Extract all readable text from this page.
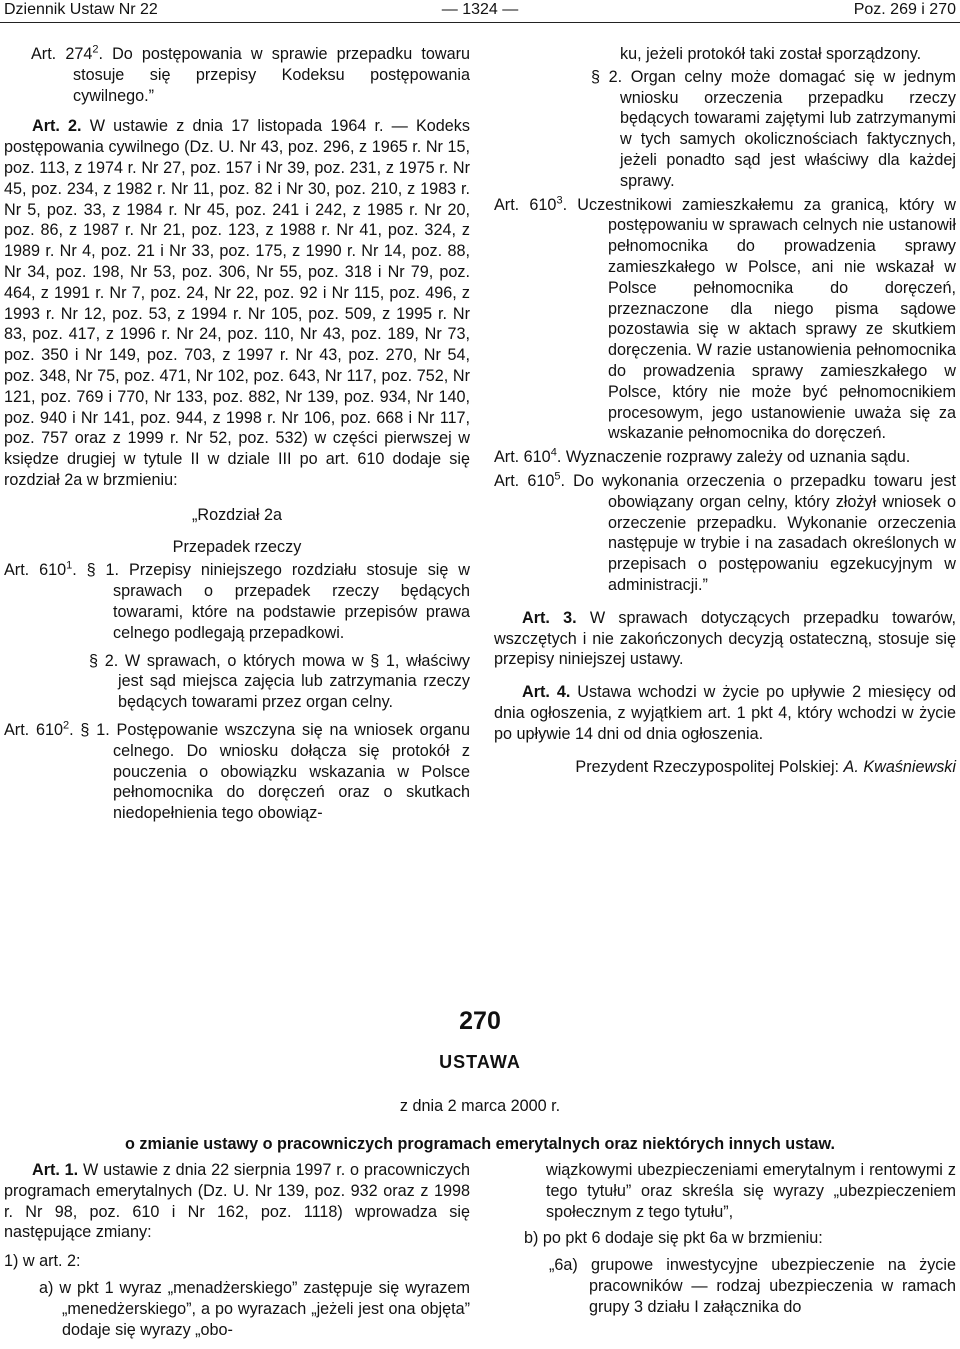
Dziennik Ustaw Nr 22	— 1324 —	Poz. 269 i 270

Art. $274^2$. Do postępowania w sprawie przepadku towaru stosuje się przepisy Kodeksu postępowania cywilnego.”

Art. 2. W ustawie z dnia 17 listopada 1964 r. — Kodeks postępowania cywilnego (Dz. U. Nr 43, poz. 296, z 1965 r. Nr 15, poz. 113, z 1974 r. Nr 27, poz. 157 i Nr 39, poz. 231, z 1975 r. Nr 45, poz. 234, z 1982 r. Nr 11, poz. 82 i Nr 30, poz. 210, z 1983 r. Nr 5, poz. 33, z 1984 r. Nr 45, poz. 241 i 242, z 1985 r. Nr 20, poz. 86, z 1987 r. Nr 21, poz. 123, z 1988 r. Nr 41, poz. 324, z 1989 r. Nr 4, poz. 21 i Nr 33, poz. 175, z 1990 r. Nr 14, poz. 88, Nr 34, poz. 198, Nr 53, poz. 306, Nr 55, poz. 318 i Nr 79, poz. 464, z 1991 r. Nr 7, poz. 24, Nr 22, poz. 92 i Nr 115, poz. 496, z 1993 r. Nr 12, poz. 53, z 1994 r. Nr 105, poz. 509, z 1995 r. Nr 83, poz. 417, z 1996 r. Nr 24, poz. 110, Nr 43, poz. 189, Nr 73, poz. 350 i Nr 149, poz. 703, z 1997 r. Nr 43, poz. 270, Nr 54, poz. 348, Nr 75, poz. 471, Nr 102, poz. 643, Nr 117, poz. 752, Nr 121, poz. 769 i 770, Nr 133, poz. 882, Nr 139, poz. 934, Nr 140, poz. 940 i Nr 141, poz. 944, z 1998 r. Nr 106, poz. 668 i Nr 117, poz. 757 oraz z 1999 r. Nr 52, poz. 532) w części pierwszej w księdze drugiej w tytule II w dziale III po art. 610 dodaje się rozdział 2a w brzmieniu:

„Rozdział 2a

Przepadek rzeczy

Art. $610^1$. § 1. Przepisy niniejszego rozdziału stosuje się w sprawach o przepadek rzeczy będących towarami, które na podstawie przepisów prawa celnego podlegają przepadkowi.

§ 2. W sprawach, o których mowa w § 1, właściwy jest sąd miejsca zajęcia lub zatrzymania rzeczy będących towarami przez organ celny.

Art. $610^2$. § 1. Postępowanie wszczyna się na wniosek organu celnego. Do wniosku dołącza się protokół z pouczenia o obowiązku wskazania w Polsce pełnomocnika do doręczeń oraz o skutkach niedopełnienia tego obowiąz-

ku, jeżeli protokół taki został sporządzony.

§ 2. Organ celny może domagać się w jednym wniosku orzeczenia przepadku rzeczy będących towarami zajętymi lub zatrzymanymi w tych samych okolicznościach faktycznych, jeżeli ponadto sąd jest właściwy dla każdej sprawy.

Art. $610^3$. Uczestnikowi zamieszkałemu za granicą, który w postępowaniu w sprawach celnych nie ustanowił pełnomocnika do prowadzenia sprawy zamieszkałego w Polsce, ani nie wskazał w Polsce pełnomocnika do doręczeń, przeznaczone dla niego pisma sądowe pozostawia się w aktach sprawy ze skutkiem doręczenia. W razie ustanowienia pełnomocnika do prowadzenia sprawy zamieszkałego w Polsce, który nie może być pełnomocnikiem procesowym, jego ustanowienie uważa się za wskazanie pełnomocnika do doręczeń.

Art. $610^4$. Wyznaczenie rozprawy zależy od uznania sądu.

Art. $610^5$. Do wykonania orzeczenia o przepadku towaru jest obowiązany organ celny, który złożył wniosek o orzeczenie przepadku. Wykonanie orzeczenia następuje w trybie i na zasadach określonych w przepisach o postępowaniu egzekucyjnym w administracji.”

Art. 3. W sprawach dotyczących przepadku towarów, wszczętych i nie zakończonych decyzją ostateczną, stosuje się przepisy niniejszej ustawy.

Art. 4. Ustawa wchodzi w życie po upływie 2 miesięcy od dnia ogłoszenia, z wyjątkiem art. 1 pkt 4, który wchodzi w życie po upływie 14 dni od dnia ogłoszenia.

Prezydent Rzeczypospolitej Polskiej: A. Kwaśniewski

270
USTAWA
z dnia 2 marca 2000 r.
o zmianie ustawy o pracowniczych programach emerytalnych oraz niektórych innych ustaw.

Art. 1. W ustawie z dnia 22 sierpnia 1997 r. o pracowniczych programach emerytalnych (Dz. U. Nr 139, poz. 932 oraz z 1998 r. Nr 98, poz. 610 i Nr 162, poz. 1118) wprowadza się następujące zmiany:

1) w art. 2:

a) w pkt 1 wyraz „menadżerskiego” zastępuje się wyrazem „menedżerskiego”, a po wyrazach „jeżeli jest ona objęta” dodaje się wyrazy „obo-

wiązkowymi ubezpieczeniami emerytalnym i rentowymi z tego tytułu” oraz skreśla się wyrazy „ubezpieczeniem społecznym z tego tytułu”,

b) po pkt 6 dodaje się pkt 6a w brzmieniu:

„6a) grupowe inwestycyjne ubezpieczenie na życie pracowników — rodzaj ubezpieczenia w ramach grupy 3 działu I załącznika do
